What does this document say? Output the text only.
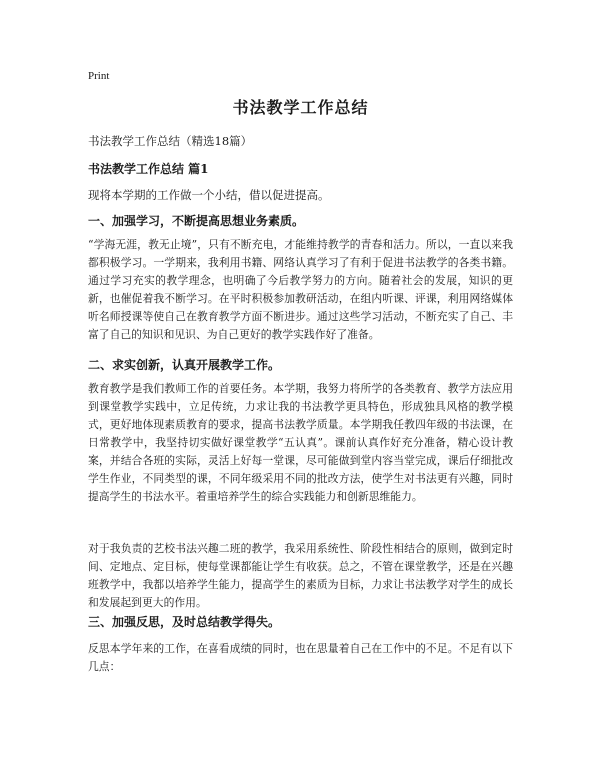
Print
书法教学工作总结
书法教学工作总结（精选18篇）
书法教学工作总结 篇1
现将本学期的工作做一个小结，借以促进提高。
一、加强学习，不断提高思想业务素质。
“学海无涯，教无止境”，只有不断充电，才能维持教学的青春和活力。所以，一直以来我都积极学习。一学期来，我利用书籍、网络认真学习了有利于促进书法教学的各类书籍。通过学习充实的教学理念，也明确了今后教学努力的方向。随着社会的发展，知识的更新，也催促着我不断学习。在平时积极参加教研活动，在组内听课、评课，利用网络媒体听名师授课等使自己在教育教学方面不断进步。通过这些学习活动，不断充实了自己、丰富了自己的知识和见识、为自己更好的教学实践作好了准备。
二、求实创新，认真开展教学工作。
教育教学是我们教师工作的首要任务。本学期，我努力将所学的各类教育、教学方法应用到课堂教学实践中，立足传统，力求让我的书法教学更具特色，形成独具风格的教学模式，更好地体现素质教育的要求，提高书法教学质量。本学期我任教四年级的书法课，在日常教学中，我坚持切实做好课堂教学“五认真”。课前认真作好充分准备，精心设计教案，并结合各班的实际，灵活上好每一堂课，尽可能做到堂内容当堂完成，课后仔细批改学生作业，不同类型的课，不同年级采用不同的批改方法，使学生对书法更有兴趣，同时提高学生的书法水平。着重培养学生的综合实践能力和创新思维能力。
对于我负责的艺校书法兴趣二班的教学，我采用系统性、阶段性相结合的原则，做到定时间、定地点、定目标，使每堂课都能让学生有收获。总之，不管在课堂教学，还是在兴趣班教学中，我都以培养学生能力，提高学生的素质为目标，力求让书法教学对学生的成长和发展起到更大的作用。
三、加强反思，及时总结教学得失。
反思本学年来的工作，在喜看成绩的同时，也在思量着自己在工作中的不足。不足有以下几点：
